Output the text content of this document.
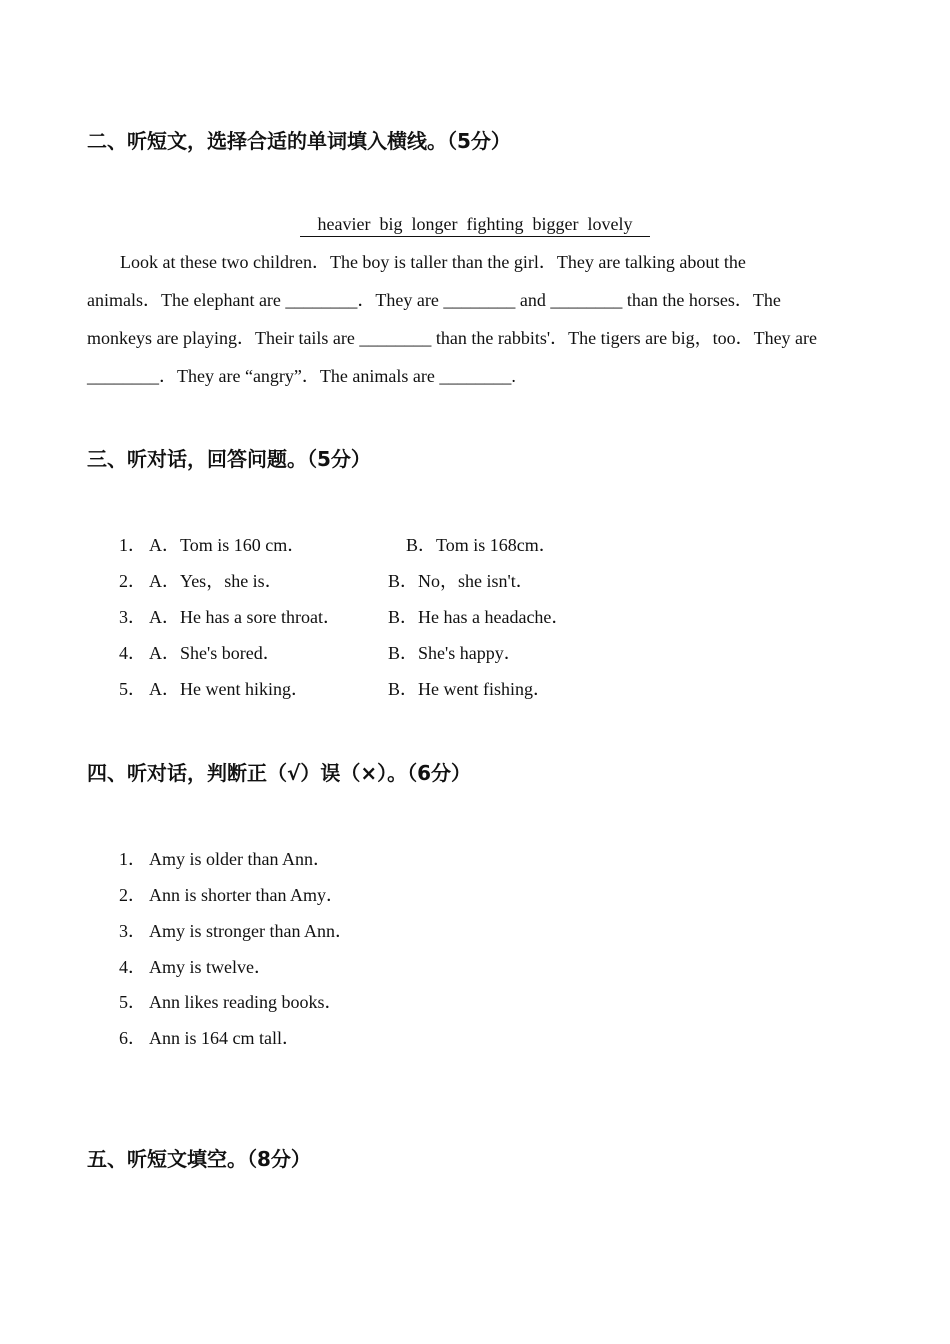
二、听短文，选择合适的单词填入横线。（5分）
heavier  big  longer  fighting  bigger  lovely
Look at these two children．The boy is taller than the girl．They are talking about the
animals．The elephant are ________．They are ________ and ________ than the horses．The
monkeys are playing．Their tails are ________ than the rabbits'．The tigers are big，too．They are
________．They are “angry”．The animals are ________.
三、听对话，回答问题。（5分）
1． A．Tom is 160 cm．	B．Tom is 168cm．
2． A．Yes，she is．	B．No，she isn't．
3． A．He has a sore throat．	B．He has a headache．
4． A．She's bored．	B．She's happy．
5． A．He went hiking．	B．He went fishing．
四、听对话，判断正（√）误（×）。（6分）
1． Amy is older than Ann．
2． Ann is shorter than Amy．
3． Amy is stronger than Ann．
4． Amy is twelve．
5． Ann likes reading books．
6． Ann is 164 cm tall．
五、听短文填空。（8分）
